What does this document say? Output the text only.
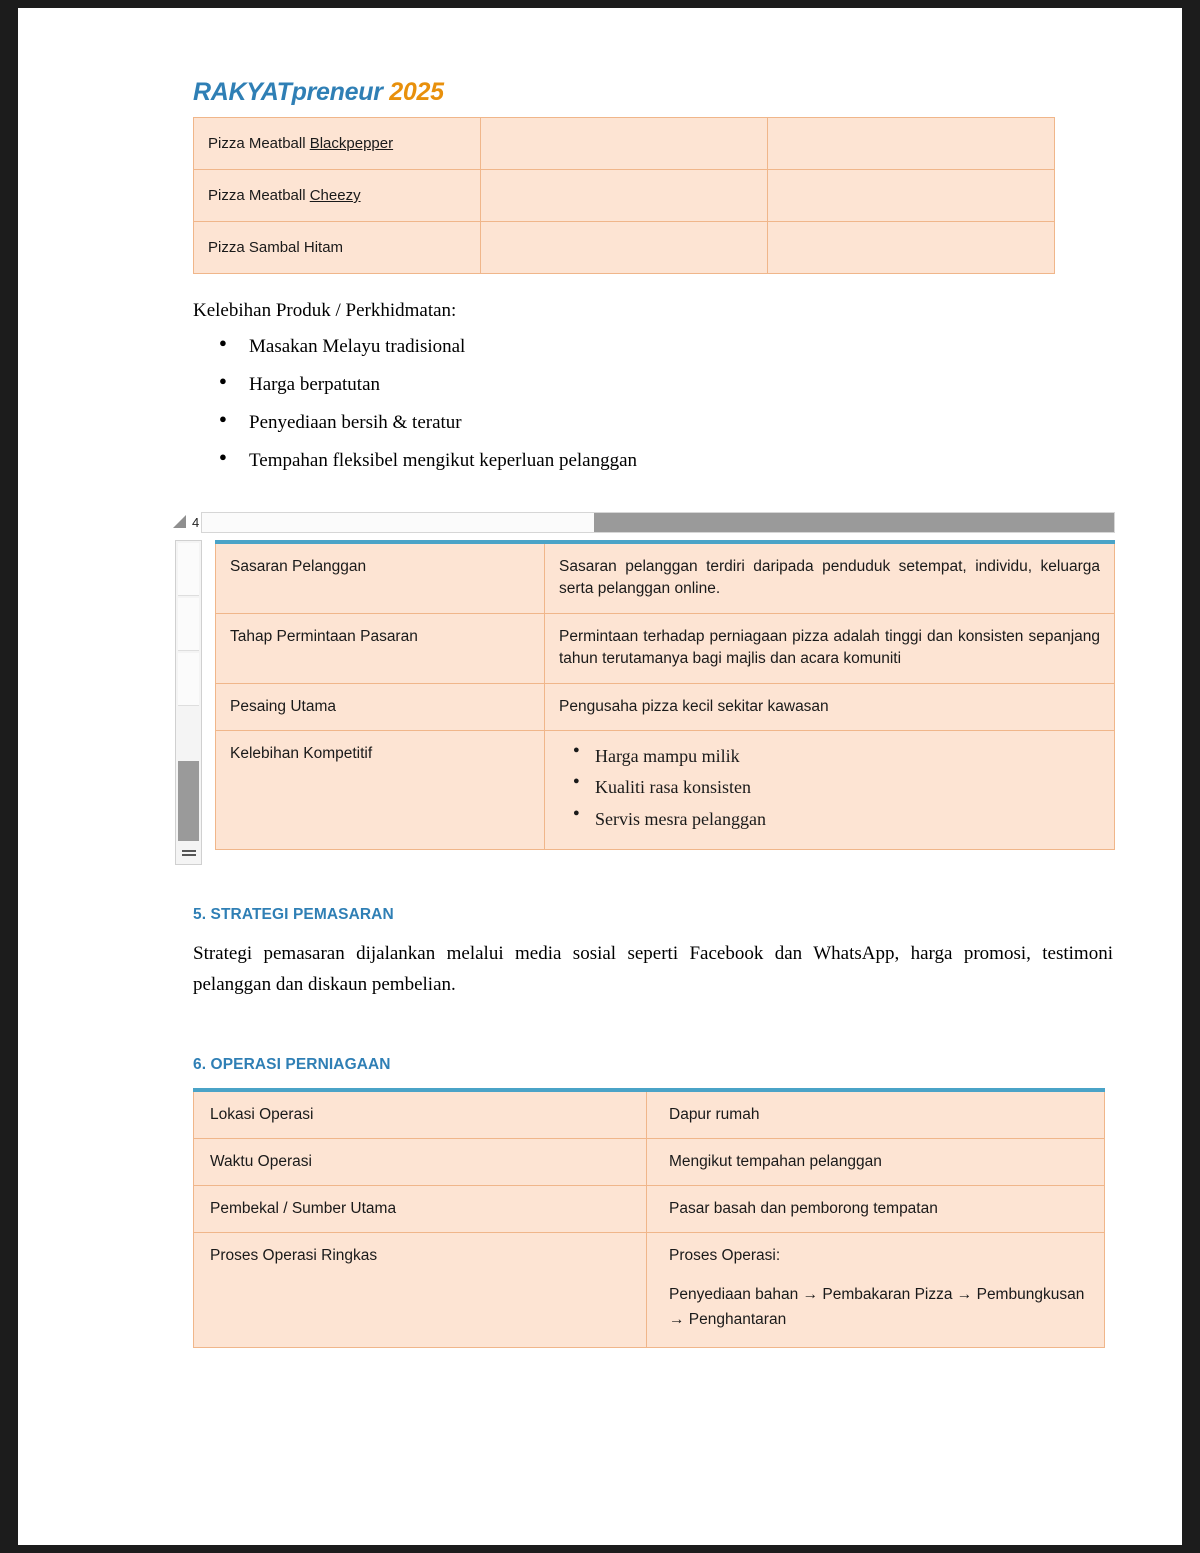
RAKYATpreneur 2025
Pizza Meatball Blackpepper		
Pizza Meatball Cheezy		
Pizza Sambal Hitam		
Kelebihan Produk / Perkhidmatan:
● Masakan Melayu tradisional
● Harga berpatutan
● Penyediaan bersih & teratur
● Tempahan fleksibel mengikut keperluan pelanggan
4
Sasaran Pelanggan	Sasaran pelanggan terdiri daripada penduduk setempat, individu, keluarga serta pelanggan online.
Tahap Permintaan Pasaran	Permintaan terhadap perniagaan pizza adalah tinggi dan konsisten sepanjang tahun terutamanya bagi majlis dan acara komuniti
Pesaing Utama	Pengusaha pizza kecil sekitar kawasan
Kelebihan Kompetitif	
●Harga mampu milik
● Kualiti rasa konsisten
● Servis mesra pelanggan
5. STRATEGI PEMASARAN
Strategi pemasaran dijalankan melalui media sosial seperti Facebook dan WhatsApp, harga promosi, testimoni pelanggan dan diskaun pembelian.
6. OPERASI PERNIAGAAN
Lokasi Operasi	Dapur rumah
Waktu Operasi	Mengikut tempahan pelanggan
Pembekal / Sumber Utama	Pasar basah dan pemborong tempatan
Proses Operasi Ringkas	Proses Operasi:
Penyediaan bahan → Pembakaran Pizza → Pembungkusan → Penghantaran
